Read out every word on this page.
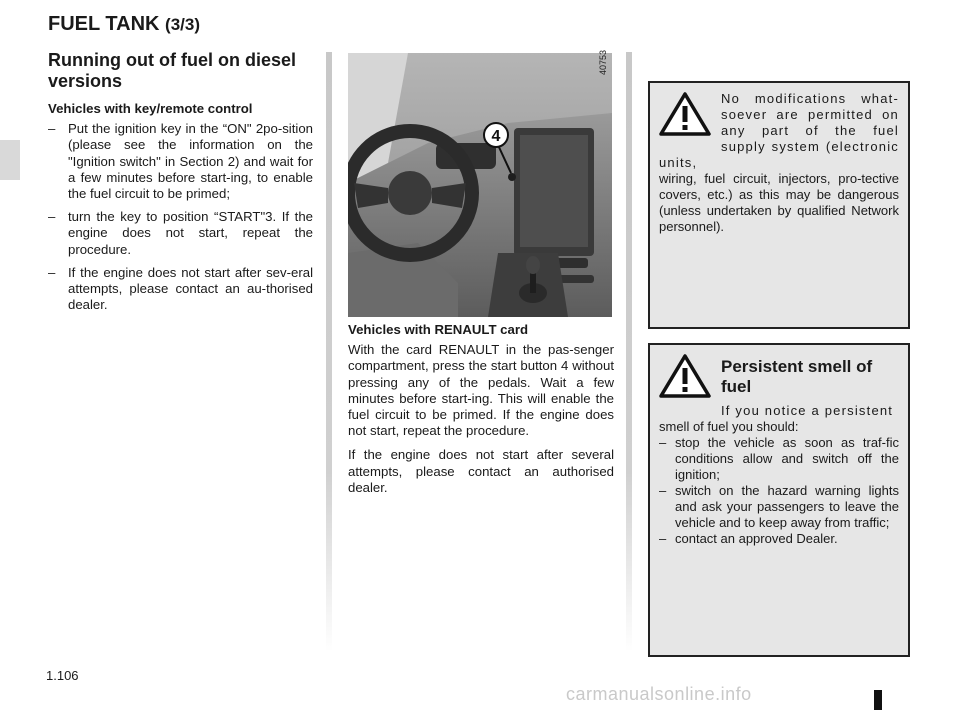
FUEL TANK (3/3)
Running out of fuel on diesel versions
Vehicles with key/remote control
– Put the ignition key in the “ON" 2po-sition (please see the information on the "Ignition switch" in Section 2) and wait for a few minutes before start-ing, to enable the fuel circuit to be primed;
– turn the key to position “START"3. If the engine does not start, repeat the procedure.
– If the engine does not start after sev-eral attempts, please contact an au-thorised dealer.
4
40753
Vehicles with RENAULT card

With the card RENAULT in the pas-senger compartment, press the start button 4 without pressing any of the pedals. Wait a few minutes before start-ing. This will enable the fuel circuit to be primed. If the engine does not start, repeat the procedure.

If the engine does not start after several attempts, please contact an authorised dealer.

No modifications what-soever are permitted on any part of the fuel supply system (electronic units,

wiring, fuel circuit, injectors, pro-tective covers, etc.) as this may be dangerous (unless undertaken by qualified Network personnel).

Persistent smell of fuel

If you notice a persistent

smell of fuel you should:

– stop the vehicle as soon as traf-fic conditions allow and switch off the ignition;
– switch on the hazard warning lights and ask your passengers to leave the vehicle and to keep away from traffic;
– contact an approved Dealer.
1.106
carmanualsonline.info
